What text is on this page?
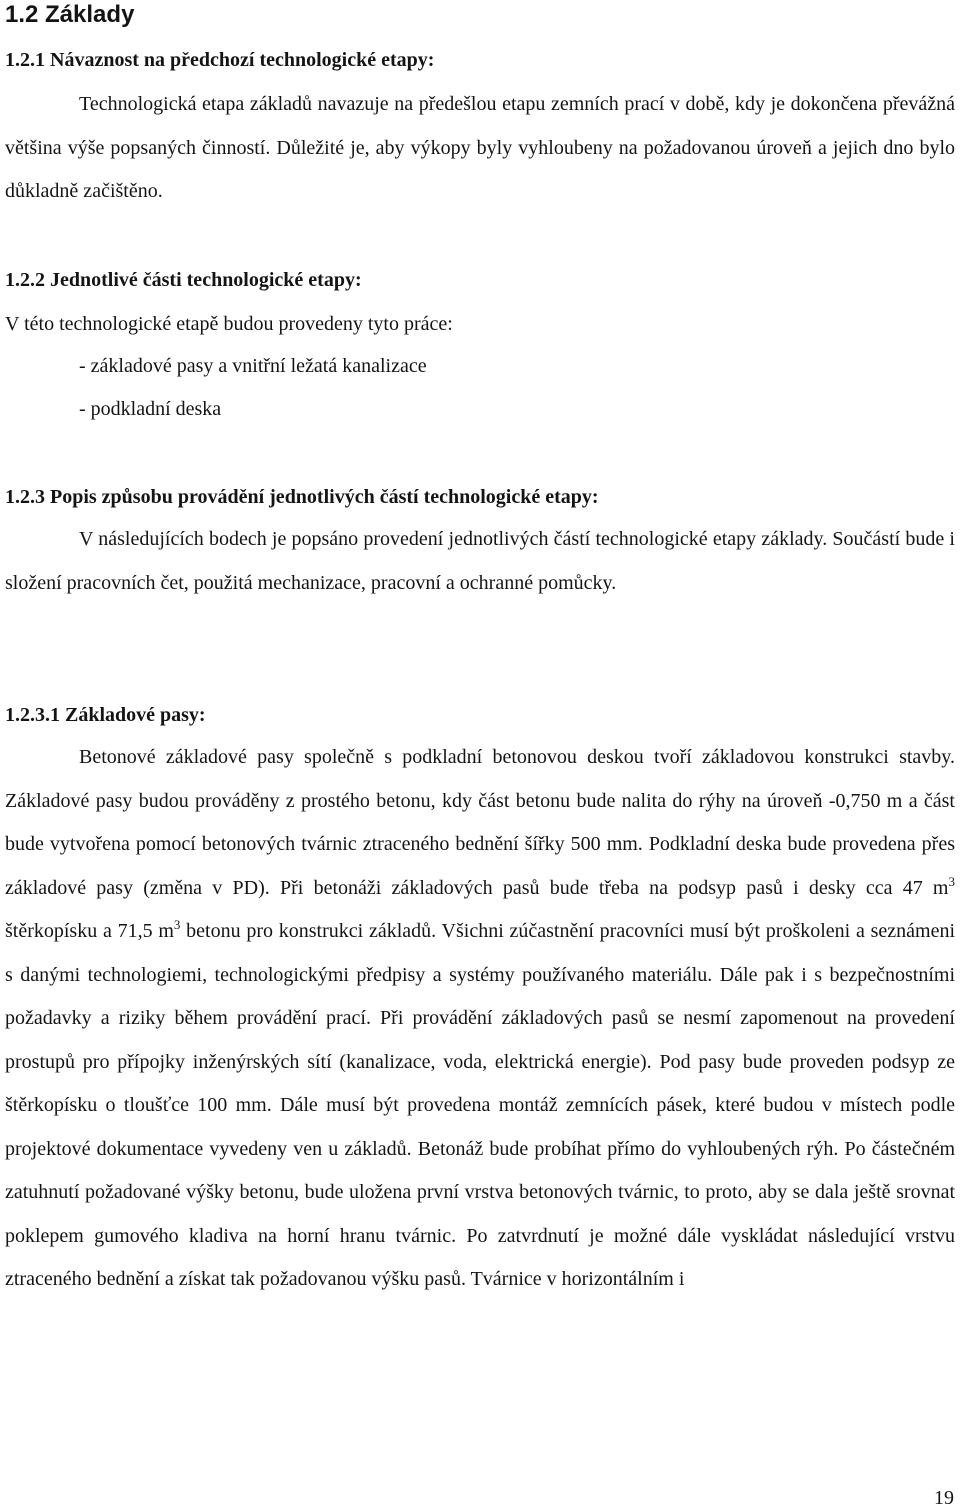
1.2 Základy
1.2.1 Návaznost na předchozí technologické etapy:

Technologická etapa základů navazuje na předešlou etapu zemních prací v době, kdy je dokončena převážná většina výše popsaných činností. Důležité je, aby výkopy byly vyhloubeny na požadovanou úroveň a jejich dno bylo důkladně začištěno.

1.2.2 Jednotlivé části technologické etapy:

V této technologické etapě budou provedeny tyto práce:

- základové pasy a vnitřní ležatá kanalizace

- podkladní deska

1.2.3 Popis způsobu provádění jednotlivých částí technologické etapy:

V následujících bodech je popsáno provedení jednotlivých částí technologické etapy základy. Součástí bude i složení pracovních čet, použitá mechanizace, pracovní a ochranné pomůcky.

1.2.3.1 Základové pasy:

Betonové základové pasy společně s podkladní betonovou deskou tvoří základovou konstrukci stavby. Základové pasy budou prováděny z prostého betonu, kdy část betonu bude nalita do rýhy na úroveň -0,750 m a část bude vytvořena pomocí betonových tvárnic ztraceného bednění šířky 500 mm. Podkladní deska bude provedena přes základové pasy (změna v PD). Při betonáži základových pasů bude třeba na podsyp pasů i desky cca 47 $m^3$ štěrkopísku a 71,5 $m^3$ betonu pro konstrukci základů. Všichni zúčastnění pracovníci musí být proškoleni a seznámeni s danými technologiemi, technologickými předpisy a systémy používaného materiálu. Dále pak i s bezpečnostními požadavky a riziky během provádění prací. Při provádění základových pasů se nesmí zapomenout na provedení prostupů pro přípojky inženýrských sítí (kanalizace, voda, elektrická energie). Pod pasy bude proveden podsyp ze štěrkopísku o tloušťce 100 mm. Dále musí být provedena montáž zemnících pásek, které budou v místech podle projektové dokumentace vyvedeny ven u základů. Betonáž bude probíhat přímo do vyhloubených rýh. Po částečném zatuhnutí požadované výšky betonu, bude uložena první vrstva betonových tvárnic, to proto, aby se dala ještě srovnat poklepem gumového kladiva na horní hranu tvárnic. Po zatvrdnutí je možné dále vyskládat následující vrstvu ztraceného bednění a získat tak požadovanou výšku pasů. Tvárnice v horizontálním i

19
